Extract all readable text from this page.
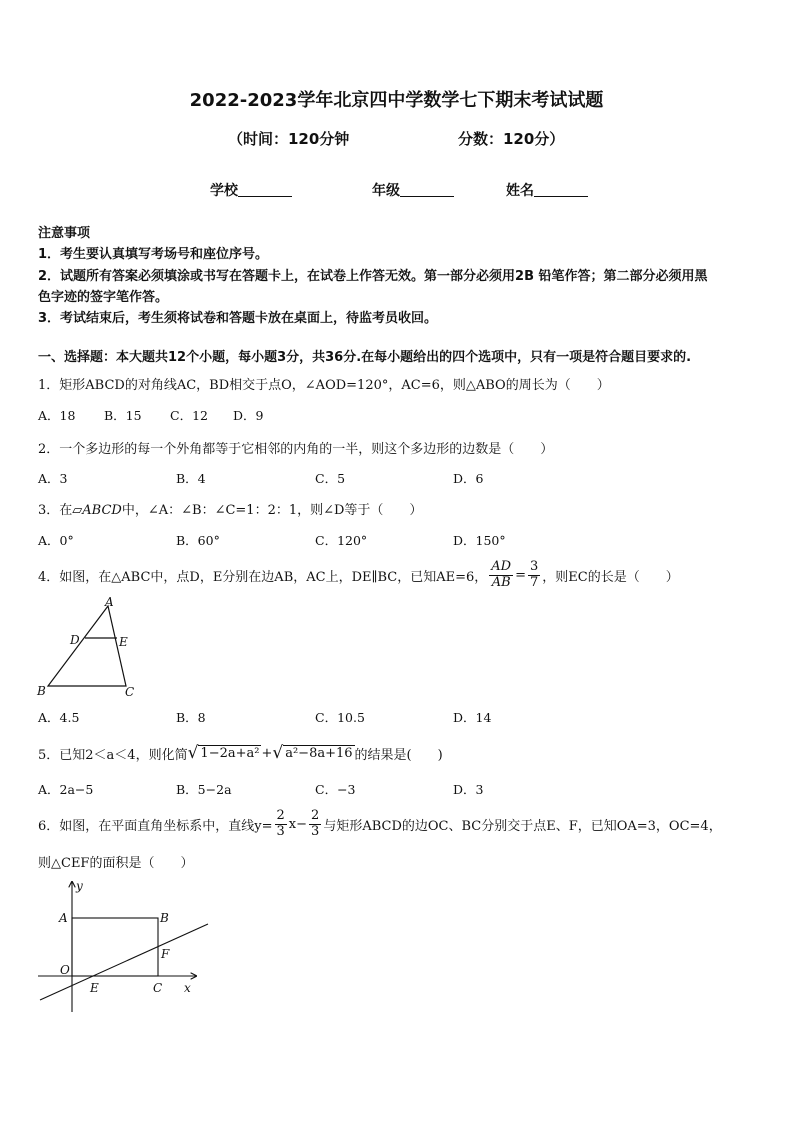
2022-2023学年北京四中学数学七下期末考试试题
（时间：120分钟	分数：120分）
学校	年级	姓名
注意事项
1．考生要认真填写考场号和座位序号。
2．试题所有答案必须填涂或书写在答题卡上，在试卷上作答无效。第一部分必须用2B 铅笔作答；第二部分必须用黑
色字迹的签字笔作答。
3．考试结束后，考生须将试卷和答题卡放在桌面上，待监考员收回。
一、选择题：本大题共12个小题，每小题3分，共36分.在每小题给出的四个选项中，只有一项是符合题目要求的.
1．矩形ABCD的对角线AC，BD相交于点O，∠AOD=120°，AC=6，则△ABO的周长为（　　）
A．18 B．15 C．12 D．9
2．一个多边形的每一个外角都等于它相邻的内角的一半，则这个多边形的边数是（　　）
A．3	B．4	C．5	D．6
3．在▱ABCD中，∠A：∠B：∠C=1：2：1，则∠D等于（　　）
A．0°	B．60°	C．120°	D．150°
4．如图，在△ABC中，点D，E分别在边AB，AC上，DE∥BC，已知AE=6， $\frac{AD}{AB} = \frac{3}{7}$ ，则EC的长是（　　）
A
D	E
B	C
A．4.5	B．8	C．10.5	D．14
5．已知2＜a＜4，则化简 √ 1−2a+a² + √ a²−8a+16 的结果是(　　)
A．2a−5	B．5−2a	C．−3	D．3
6．如图，在平面直角坐标系中，直线$y= \frac{2}{3} x- \frac{2}{3}$ 与矩形ABCD的边OC、BC分别交于点E、F，已知OA=3，OC=4，
则△CEF的面积是（　　）
y
A	B
F
O
E	C x
